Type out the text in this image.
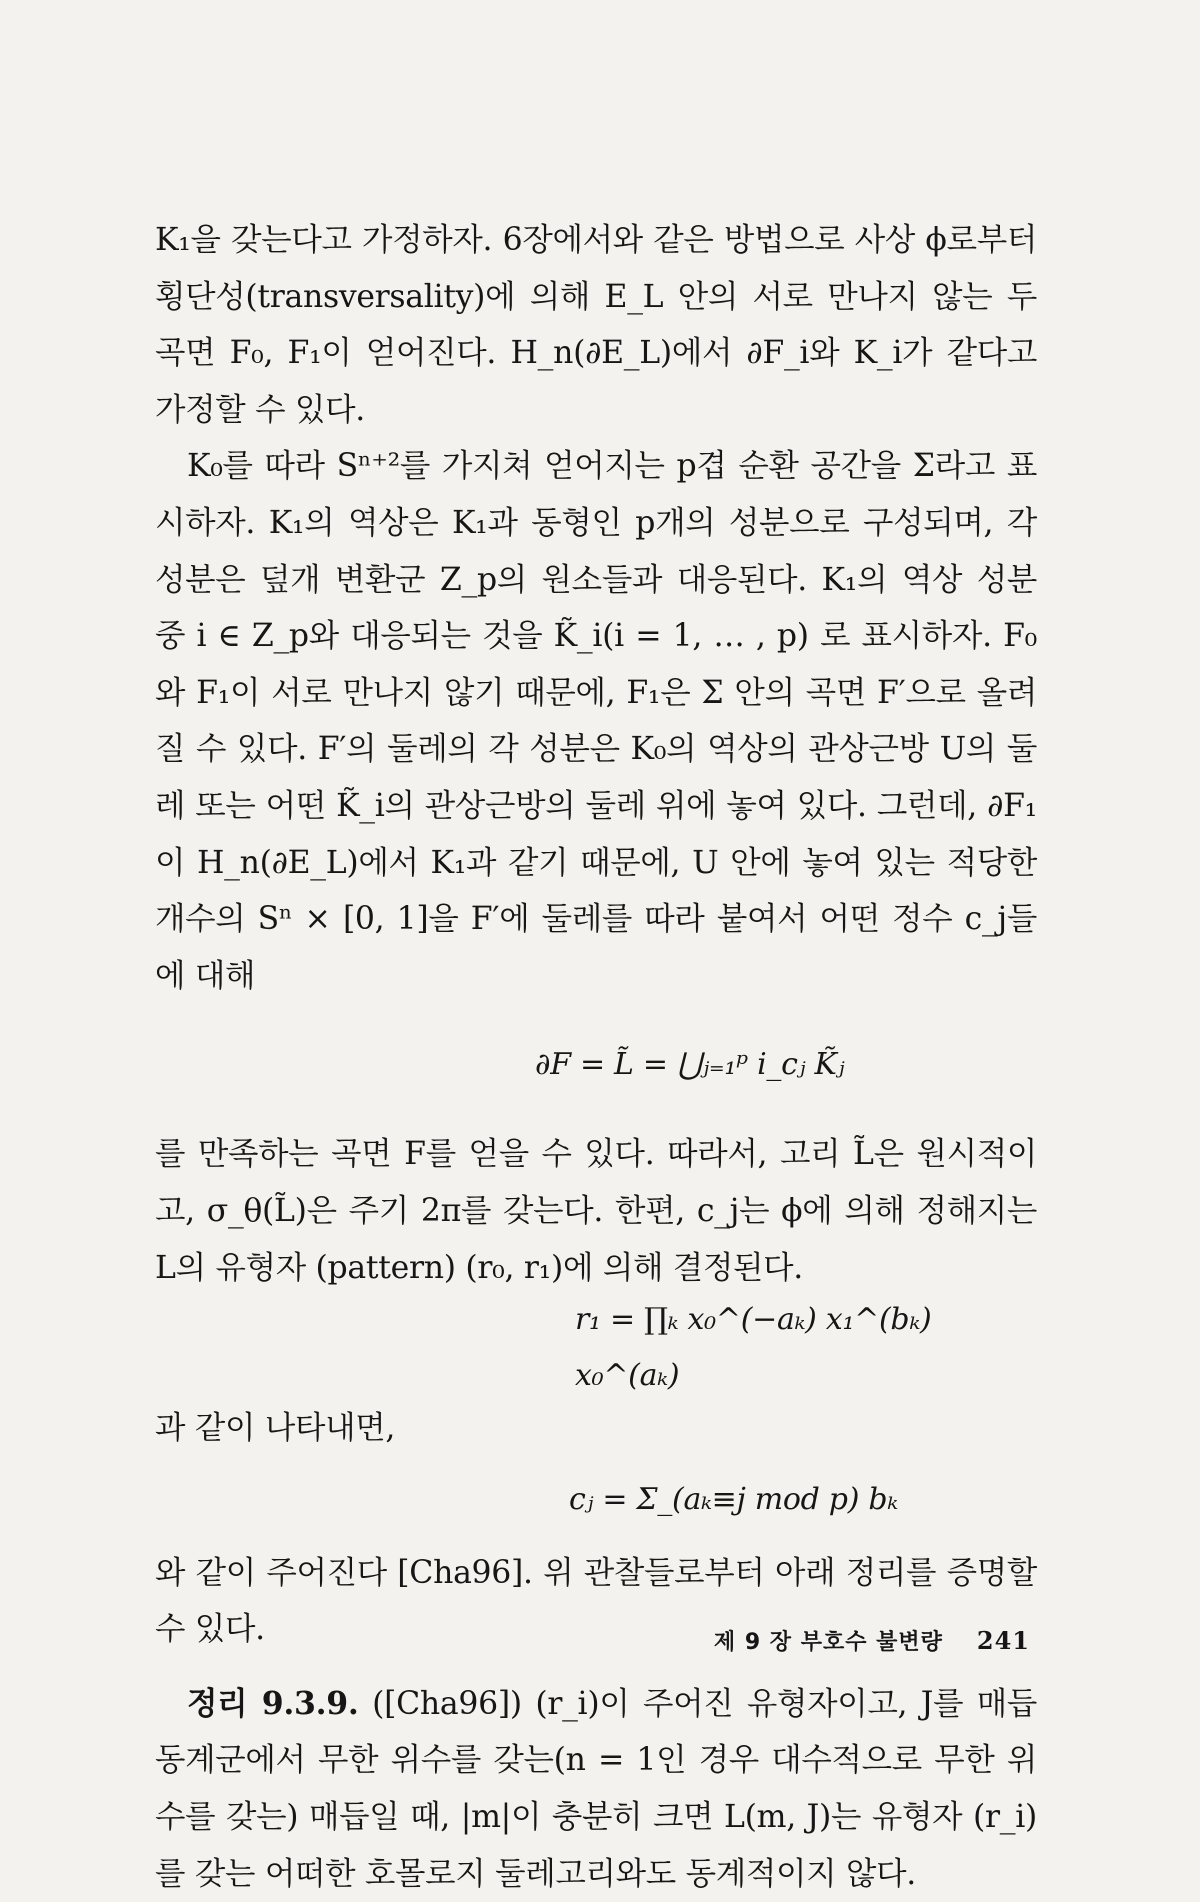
K₁을 갖는다고 가정하자. 6장에서와 같은 방법으로 사상 ϕ로부터 횡단성(transversality)에 의해 E_L 안의 서로 만나지 않는 두 곡면 F₀, F₁이 얻어진다. H_n(∂E_L)에서 ∂F_i와 K_i가 같다고 가정할 수 있다.

K₀를 따라 Sⁿ⁺²를 가지쳐 얻어지는 p겹 순환 공간을 Σ라고 표시하자. K₁의 역상은 K₁과 동형인 p개의 성분으로 구성되며, 각 성분은 덮개 변환군 Z_p의 원소들과 대응된다. K₁의 역상 성분 중 i ∈ Z_p와 대응되는 것을 K̃_i(i = 1, … , p) 로 표시하자. F₀와 F₁이 서로 만나지 않기 때문에, F₁은 Σ 안의 곡면 F′으로 올려질 수 있다. F′의 둘레의 각 성분은 K₀의 역상의 관상근방 U의 둘레 또는 어떤 K̃_i의 관상근방의 둘레 위에 놓여 있다. 그런데, ∂F₁이 H_n(∂E_L)에서 K₁과 같기 때문에, U 안에 놓여 있는 적당한 개수의 Sⁿ × [0, 1]을 F′에 둘레를 따라 붙여서 어떤 정수 c_j들에 대해

∂F = L̃ = ⋃ⱼ₌₁ᵖ i_cⱼ K̃ⱼ

를 만족하는 곡면 F를 얻을 수 있다. 따라서, 고리 L̃은 원시적이고, σ_θ(L̃)은 주기 2π를 갖는다. 한편, c_j는 ϕ에 의해 정해지는 L의 유형자 (pattern) (r₀, r₁)에 의해 결정된다.

r₁ = ∏ₖ x₀^(−aₖ) x₁^(bₖ) x₀^(aₖ)

과 같이 나타내면,

cⱼ = Σ_(aₖ≡j mod p) bₖ

와 같이 주어진다 [Cha96]. 위 관찰들로부터 아래 정리를 증명할 수 있다.

정리 9.3.9. ([Cha96]) (r_i)이 주어진 유형자이고, J를 매듭 동계군에서 무한 위수를 갖는(n = 1인 경우 대수적으로 무한 위수를 갖는) 매듭일 때, |m|이 충분히 크면 L(m, J)는 유형자 (r_i)를 갖는 어떠한 호몰로지 둘레고리와도 동계적이지 않다.

제 9 장 부호수 불변량 241
